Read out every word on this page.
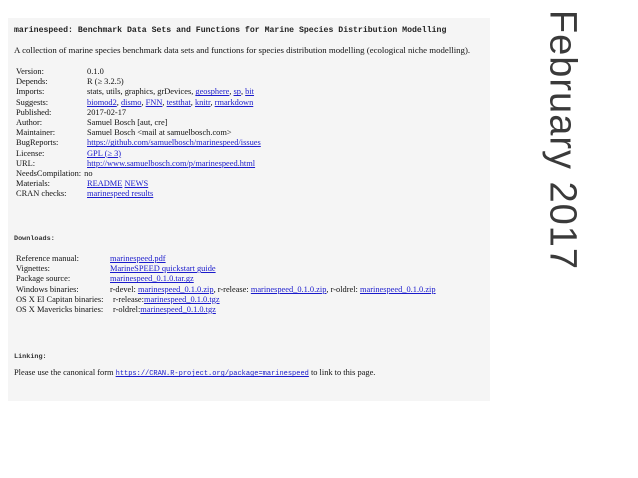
marinespeed: Benchmark Data Sets and Functions for Marine Species Distribution Modelling
A collection of marine species benchmark data sets and functions for species distribution modelling (ecological niche modelling).
Version:	0.1.0
Depends:	R (≥ 3.2.5)
Imports:	stats, utils, graphics, grDevices, geosphere, sp, bit
Suggests:	biomod2, dismo, FNN, testthat, knitr, rmarkdown
Published:	2017-02-17
Author:	Samuel Bosch [aut, cre]
Maintainer:	Samuel Bosch <mail at samuelbosch.com>
BugReports:	https://github.com/samuelbosch/marinespeed/issues
License:	GPL (≥ 3)
URL:	http://www.samuelbosch.com/p/marinespeed.html
NeedsCompilation: no
Materials:	README NEWS
CRAN checks:	marinespeed results
Downloads:
Reference manual:	marinespeed.pdf
Vignettes:	MarineSPEED quickstart guide
Package source:	marinespeed_0.1.0.tar.gz
Windows binaries:	r-devel: marinespeed_0.1.0.zip, r-release: marinespeed_0.1.0.zip, r-oldrel: marinespeed_0.1.0.zip
OS X El Capitan binaries:	r-release: marinespeed_0.1.0.tgz
OS X Mavericks binaries:	r-oldrel: marinespeed_0.1.0.tgz
Linking:
Please use the canonical form https://CRAN.R-project.org/package=marinespeed to link to this page.
February 2017
